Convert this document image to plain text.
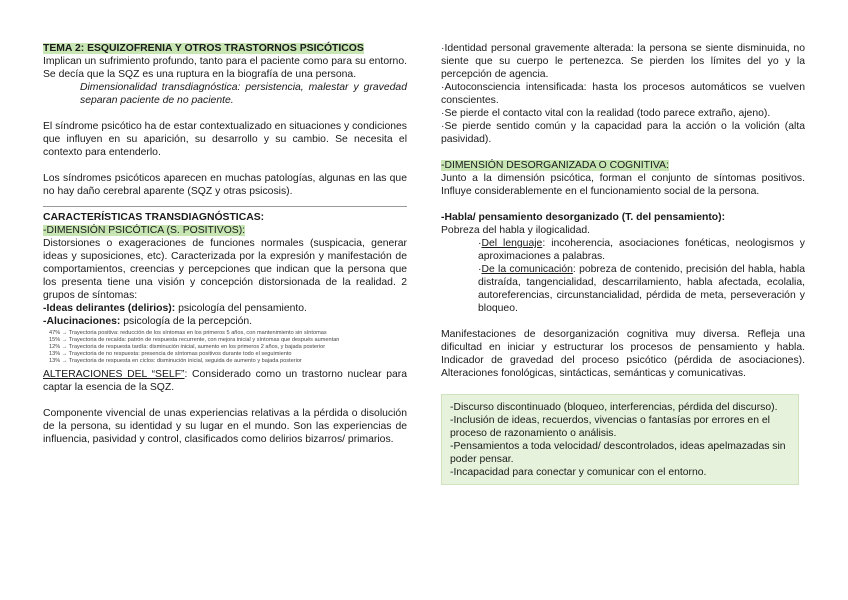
TEMA 2: ESQUIZOFRENIA Y OTROS TRASTORNOS PSICÓTICOS

Implican un sufrimiento profundo, tanto para el paciente como para su entorno. Se decía que la SQZ es una ruptura en la biografía de una persona.

Dimensionalidad transdiagnóstica: persistencia, malestar y gravedad separan paciente de no paciente.

El síndrome psicótico ha de estar contextualizado en situaciones y condiciones que influyen en su aparición, su desarrollo y su cambio. Se necesita el contexto para entenderlo.

Los síndromes psicóticos aparecen en muchas patologías, algunas en las que no hay daño cerebral aparente (SQZ y otras psicosis).

CARACTERÍSTICAS TRANSDIAGNÓSTICAS:

-DIMENSIÓN PSICÓTICA (S. POSITIVOS):

Distorsiones o exageraciones de funciones normales (suspicacia, generar ideas y suposiciones, etc). Caracterizada por la expresión y manifestación de comportamientos, creencias y percepciones que indican que la persona que los presenta tiene una visión y concepción distorsionada de la realidad. 2 grupos de síntomas:

-Ideas delirantes (delirios): psicología del pensamiento.

-Alucinaciones: psicología de la percepción.

47% → Trayectoria positiva: reducción de los síntomas en los primeros 5 años, con mantenimiento sin síntomas
15% → Trayectoria de recaída: patrón de respuesta recurrente, con mejora inicial y síntomas que después aumentan
12% → Trayectoria de respuesta tardía: disminución inicial, aumento en los primeros 2 años, y bajada posterior
13% → Trayectoria de no respuesta: presencia de síntomas positivos durante todo el seguimiento
13% → Trayectoria de respuesta en ciclos: disminución inicial, seguida de aumento y bajada posterior

ALTERACIONES DEL “SELF”: Considerado como un trastorno nuclear para captar la esencia de la SQZ.

Componente vivencial de unas experiencias relativas a la pérdida o disolución de la persona, su identidad y su lugar en el mundo. Son las experiencias de influencia, pasividad y control, clasificados como delirios bizarros/ primarios.

·Identidad personal gravemente alterada: la persona se siente disminuida, no siente que su cuerpo le pertenezca. Se pierden los límites del yo y la percepción de agencia.

·Autoconsciencia intensificada: hasta los procesos automáticos se vuelven conscientes.

·Se pierde el contacto vital con la realidad (todo parece extraño, ajeno).

·Se pierde sentido común y la capacidad para la acción o la volición (alta pasividad).

-DIMENSIÓN DESORGANIZADA O COGNITIVA:

Junto a la dimensión psicótica, forman el conjunto de síntomas positivos. Influye considerablemente en el funcionamiento social de la persona.

-Habla/ pensamiento desorganizado (T. del pensamiento):

Pobreza del habla y ilogicalidad.

·Del lenguaje: incoherencia, asociaciones fonéticas, neologismos y aproximaciones a palabras.

·De la comunicación: pobreza de contenido, precisión del habla, habla distraída, tangencialidad, descarrilamiento, habla afectada, ecolalia, autoreferencias, circunstancialidad, pérdida de meta, perseveración y bloqueo.

Manifestaciones de desorganización cognitiva muy diversa. Refleja una dificultad en iniciar y estructurar los procesos de pensamiento y habla. Indicador de gravedad del proceso psicótico (pérdida de asociaciones). Alteraciones fonológicas, sintácticas, semánticas y comunicativas.

-Discurso discontinuado (bloqueo, interferencias, pérdida del discurso).

-Inclusión de ideas, recuerdos, vivencias o fantasías por errores en el proceso de razonamiento o análisis.

-Pensamientos a toda velocidad/ descontrolados, ideas apelmazadas sin poder pensar.

-Incapacidad para conectar y comunicar con el entorno.
